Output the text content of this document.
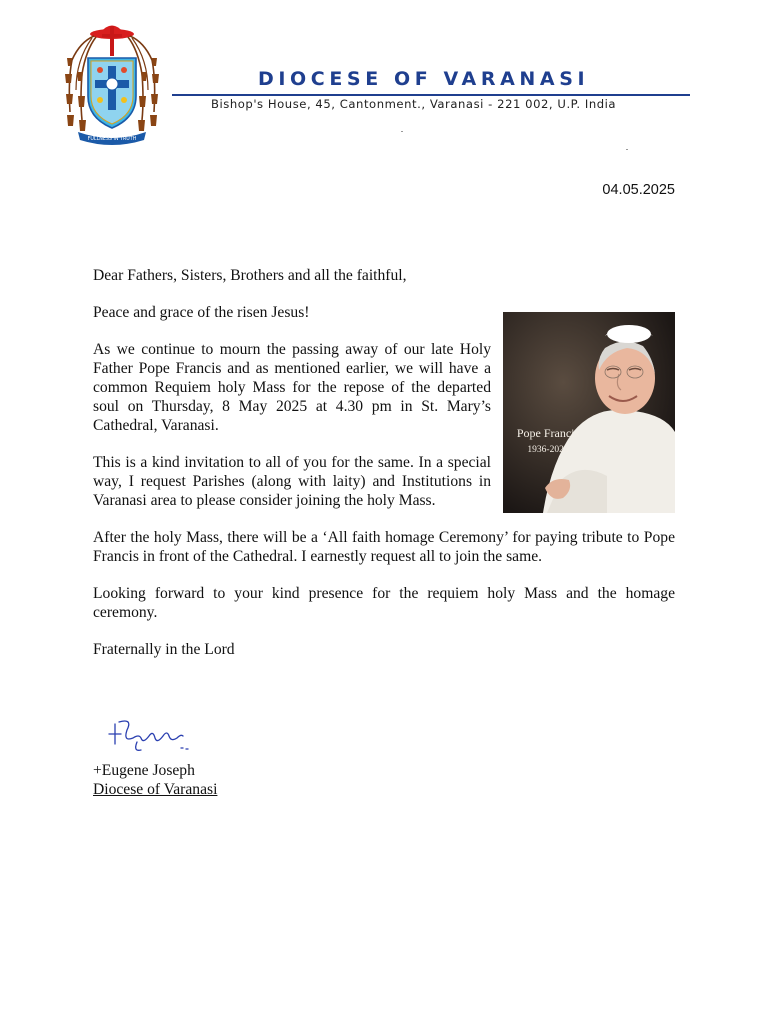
FULLNESS IN TRUTH
DIOCESE OF VARANASI
Bishop's House, 45, Cantonment., Varanasi - 221 002, U.P. India
04.05.2025

Dear Fathers, Sisters, Brothers and all the faithful,

Pope Francis
1936-2025

Peace and grace of the risen Jesus!

As we continue to mourn the passing away of our late Holy Father Pope Francis and as mentioned earlier, we will have a common Requiem holy Mass for the repose of the departed soul on Thursday, 8 May 2025 at 4.30 pm in St. Mary’s Cathedral, Varanasi.

This is a kind invitation to all of you for the same. In a special way, I request Parishes (along with laity) and Institutions in Varanasi area to please consider joining the holy Mass.

After the holy Mass, there will be a ‘All faith homage Ceremony’ for paying tribute to Pope Francis in front of the Cathedral. I earnestly request all to join the same.

Looking forward to your kind presence for the requiem holy Mass and the homage ceremony.

Fraternally in the Lord

+Eugene Joseph
Diocese of Varanasi
